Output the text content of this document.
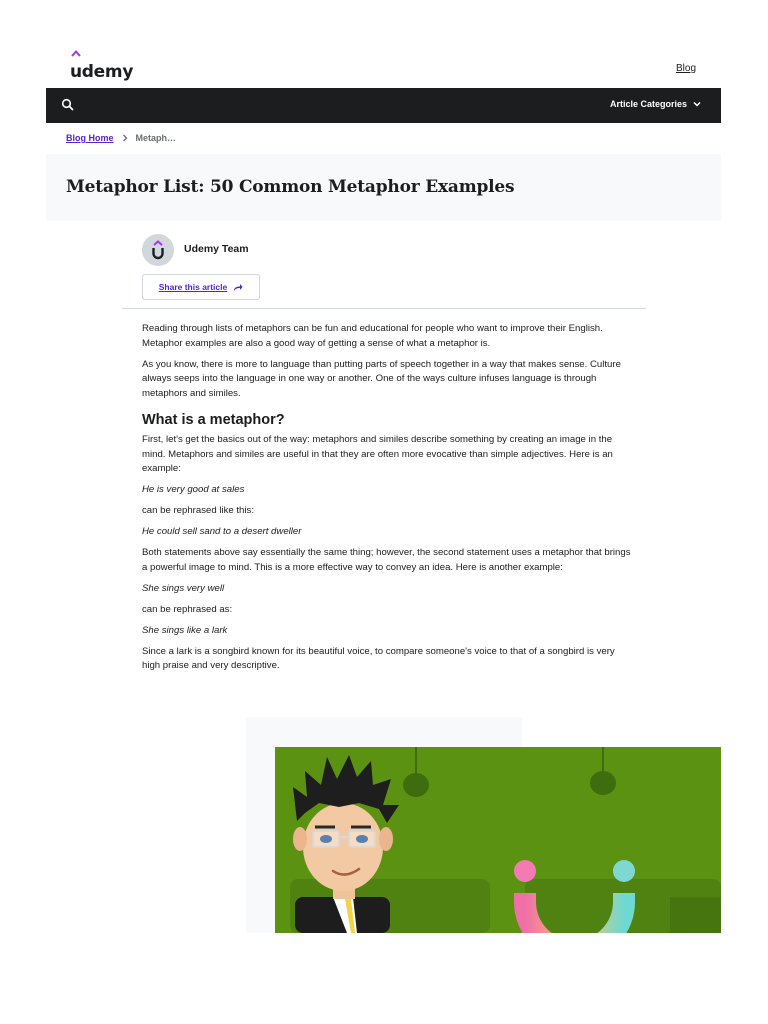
udemy	Blog
Article Categories
Blog Home Metaph…
Metaphor List: 50 Common Metaphor Examples
Udemy Team
Share this article

Reading through lists of metaphors can be fun and educational for people who want to improve their English. Metaphor examples are also a good way of getting a sense of what a metaphor is.

As you know, there is more to language than putting parts of speech together in a way that makes sense. Culture always seeps into the language in one way or another. One of the ways culture infuses language is through metaphors and similes.

What is a metaphor?

First, let's get the basics out of the way: metaphors and similes describe something by creating an image in the mind. Metaphors and similes are useful in that they are often more evocative than simple adjectives. Here is an example:

He is very good at sales

can be rephrased like this:

He could sell sand to a desert dweller

Both statements above say essentially the same thing; however, the second statement uses a metaphor that brings a powerful image to mind. This is a more effective way to convey an idea. Here is another example:

She sings very well

can be rephrased as:

She sings like a lark

Since a lark is a songbird known for its beautiful voice, to compare someone's voice to that of a songbird is very high praise and very descriptive.
